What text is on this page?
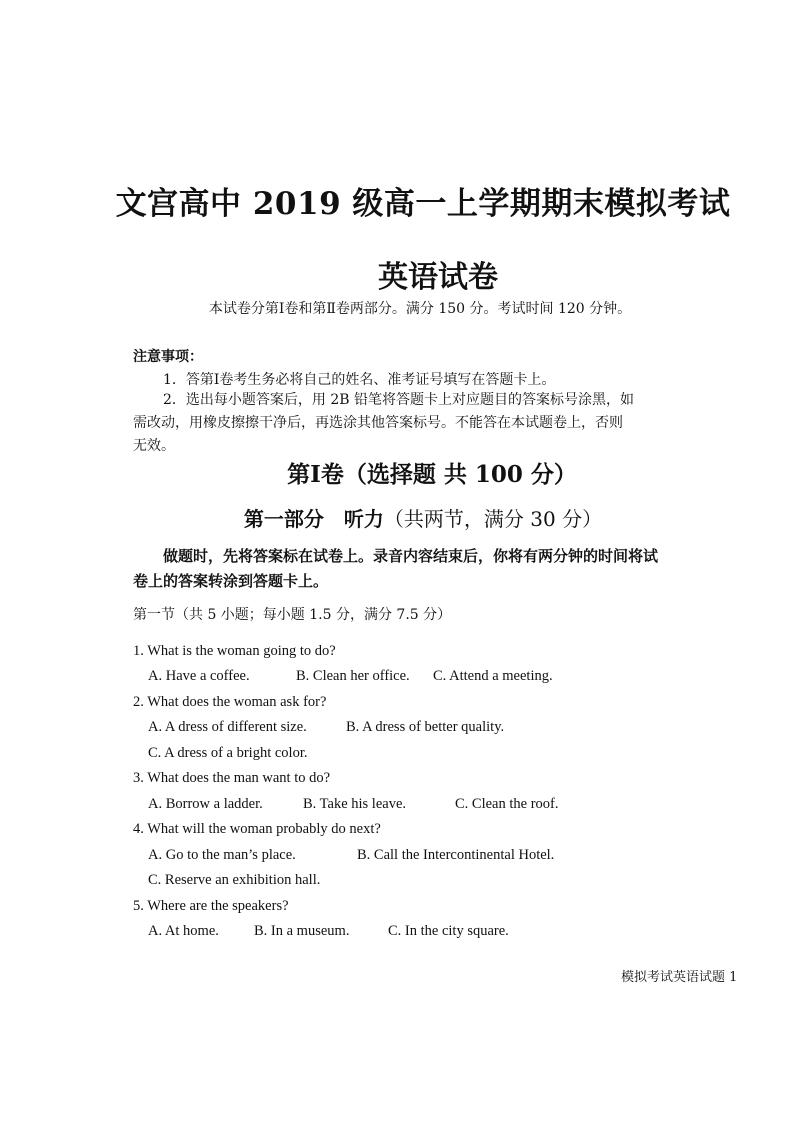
文宫高中 2019 级高一上学期期末模拟考试
英语试卷
本试卷分第Ⅰ卷和第Ⅱ卷两部分。满分 150 分。考试时间 120 分钟。
注意事项：
1．答第Ⅰ卷考生务必将自己的姓名、准考证号填写在答题卡上。
2．选出每小题答案后，用 2B 铅笔将答题卡上对应题目的答案标号涂黑，如
需改动，用橡皮擦擦干净后，再选涂其他答案标号。不能答在本试题卷上，否则
无效。
第Ⅰ卷（选择题 共 100 分）
第一部分　听力（共两节，满分 30 分）
做题时，先将答案标在试卷上。录音内容结束后，你将有两分钟的时间将试
卷上的答案转涂到答题卡上。
第一节（共 5 小题；每小题 1.5 分，满分 7.5 分）
1. What is the woman going to do?
A. Have a coffee.	B. Clean her office. C. Attend a meeting.
2. What does the woman ask for?
A. A dress of different size.	B. A dress of better quality.
C. A dress of a bright color.
3. What does the man want to do?
A. Borrow a ladder.	B. Take his leave.	C. Clean the roof.
4. What will the woman probably do next?
A. Go to the man’s place.	B. Call the Intercontinental Hotel.
C. Reserve an exhibition hall.
5. Where are the speakers?
A. At home. B. In a museum.	C. In the city square.
模拟考试英语试题 1
